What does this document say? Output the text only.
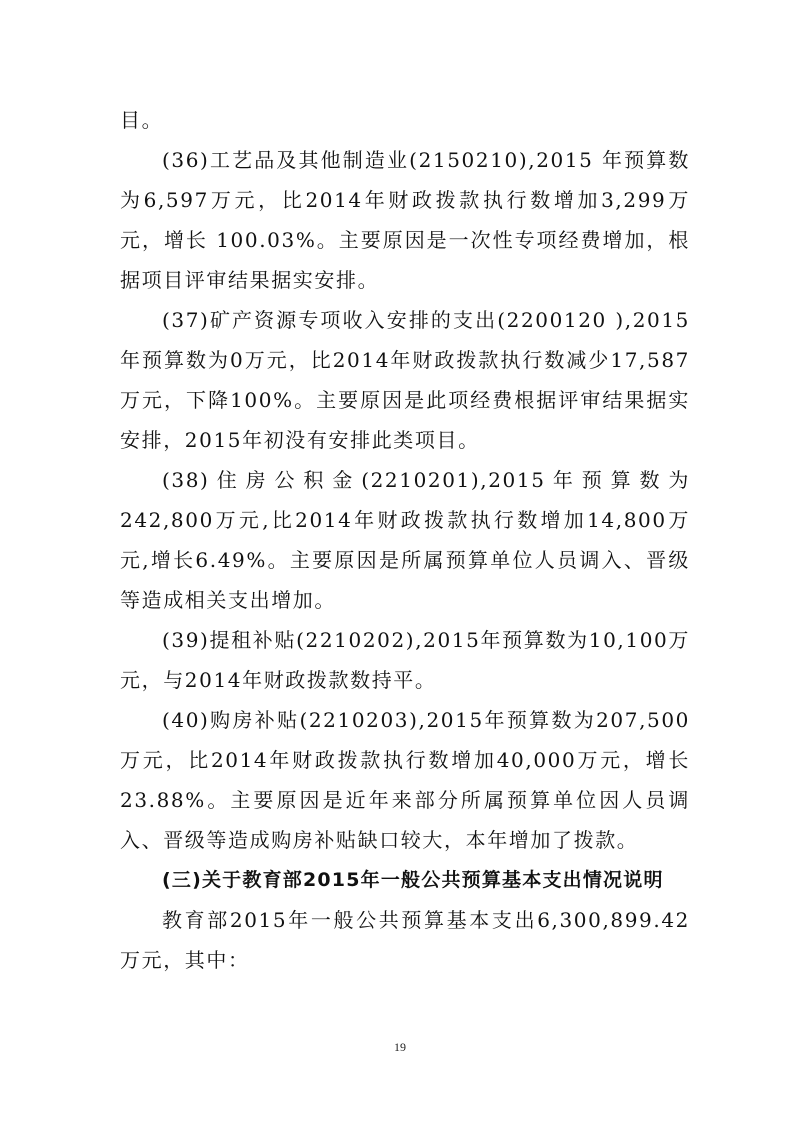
目。

(36)工艺品及其他制造业(2150210),2015 年预算数为6,597万元，比2014年财政拨款执行数增加3,299万元，增长 100.03%。主要原因是一次性专项经费增加，根据项目评审结果据实安排。

(37)矿产资源专项收入安排的支出(2200120 ),2015 年预算数为0万元，比2014年财政拨款执行数减少17,587万元，下降100%。主要原因是此项经费根据评审结果据实安排，2015年初没有安排此类项目。

(38)住房公积金(2210201),2015年预算数为242,800万元,比2014年财政拨款执行数增加14,800万元,增长6.49%。主要原因是所属预算单位人员调入、晋级等造成相关支出增加。

(39)提租补贴(2210202),2015年预算数为10,100万元，与2014年财政拨款数持平。

(40)购房补贴(2210203),2015年预算数为207,500万元，比2014年财政拨款执行数增加40,000万元，增长23.88%。主要原因是近年来部分所属预算单位因人员调入、晋级等造成购房补贴缺口较大，本年增加了拨款。

(三)关于教育部2015年一般公共预算基本支出情况说明

教育部2015年一般公共预算基本支出6,300,899.42 万元，其中：

19
